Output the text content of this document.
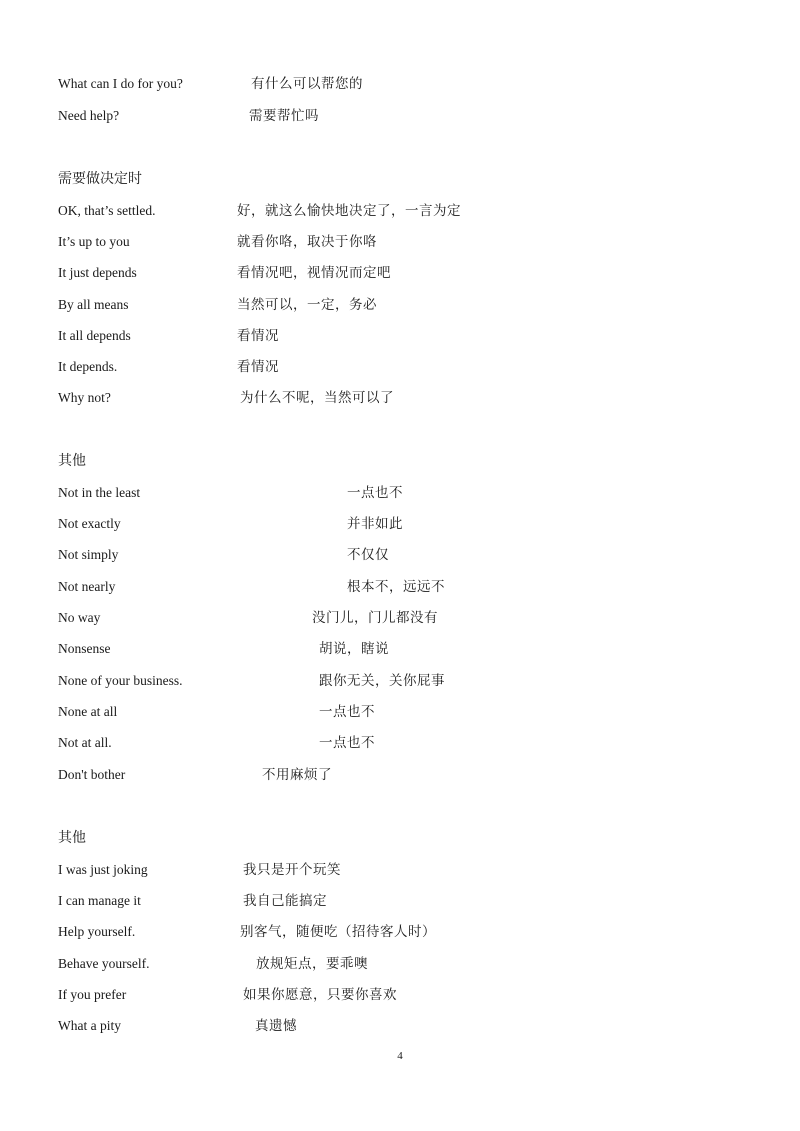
What can I do for you?	有什么可以帮您的
Need help?	需要帮忙吗
需要做决定时
OK, that’s settled.	好，就这么愉快地决定了，一言为定
It’s up to you	就看你咯，取决于你咯
It just depends	看情况吧，视情况而定吧
By all means	当然可以，一定，务必
It all depends	看情况
It depends.	看情况
Why not?	为什么不呢，当然可以了
其他
Not in the least	一点也不
Not exactly	并非如此
Not simply	不仅仅
Not nearly	根本不，远远不
No way	没门儿，门儿都没有
Nonsense	胡说，瞎说
None of your business.	跟你无关，关你屁事
None at all	一点也不
Not at all.	一点也不
Don't bother	不用麻烦了
其他
I was just joking	我只是开个玩笑
I can manage it	我自己能搞定
Help yourself.	别客气，随便吃（招待客人时）
Behave yourself.	放规矩点，要乖噢
If you prefer	如果你愿意，只要你喜欢
What a pity	真遗憾
4
